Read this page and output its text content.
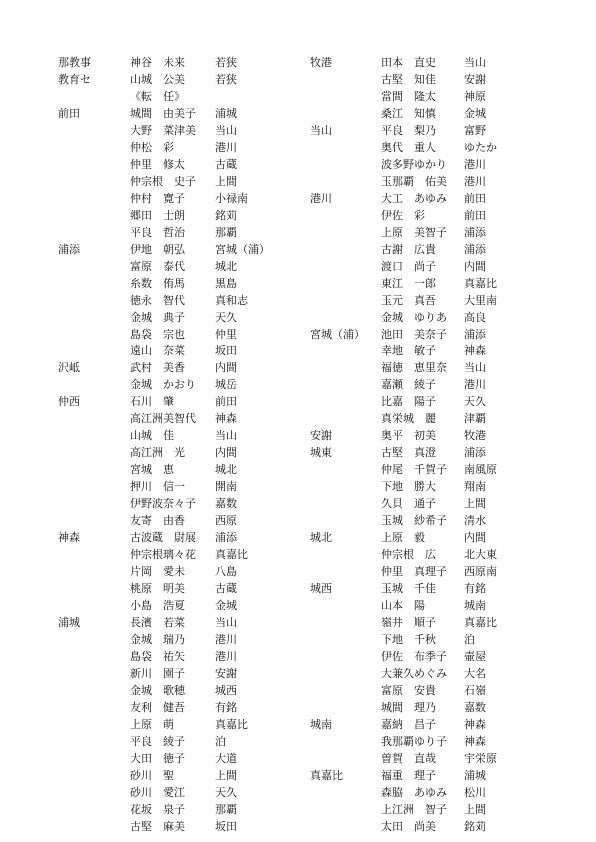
那教事	神谷　未来	若狭
教育セ	山城　公美	若狭
《転　任》
前田	城間　由美子 浦城
大野　菜津美 当山
仲松　彩	港川
仲里　修太	古蔵
仲宗根　史子 上間
仲村　寛子	小禄南
郷田　士朗	銘苅
平良　哲治	那覇
浦添	伊地　朝弘	宮城（浦）
富原　泰代	城北
糸数　侑馬	黒島
徳永　智代	真和志
金城　典子	天久
島袋　宗也	仲里
遠山　奈菜	坂田
沢岻	武村　美香	内間
金城　かおり 城岳
仲西	石川　肇	前田
高江洲美智代 神森
山城　佳	当山
高江洲　光	内間
宮城　恵	城北
押川　信一	開南
伊野波奈々子 嘉数
友寄　由香	西原
神森	古波蔵　尉展 浦添
仲宗根璃々花 真嘉比
片岡　愛未	八島
桃原　明美	古蔵
小島　浩夏	金城
浦城	長濱　若菜	当山
金城　瑞乃	港川
島袋　祐矢	港川
新川　園子	安謝
金城　歌穂	城西
友利　健吾	有銘
上原　萌	真嘉比
平良　綾子	泊
大田　徳子	大道
砂川　聖	上間
砂川　愛江	天久
花坂　泉子	那覇
古堅　麻美	坂田
牧港	田本　直史	当山
古堅　知佳	安謝
當間　隆太	神原
桑江　知慎	金城
当山	平良　梨乃	富野
奥代　重人	ゆたか
波多野ゆかり 港川
玉那覇　佑美 港川
港川	大工　あゆみ 前田
伊佐　彩	前田
上原　美智子 浦添
古謝　広貴	浦添
渡口　尚子	内間
東江　一郎	真嘉比
玉元　真吾	大里南
金城　ゆりあ 高良
宮城（浦） 池田　美奈子 浦添
幸地　敏子	神森
福徳　恵里奈 当山
嘉瀬　綾子	港川
比嘉　陽子	天久
真栄城　麗	津覇
安謝	奥平　初美	牧港
城東	古堅　真澄	浦添
仲尾　千賀子 南風原
下地　勝大	翔南
久貝　通子	上間
玉城　紗希子 清水
城北	上原　毅	内間
仲宗根　広	北大東
仲里　真理子 西原南
城西	玉城　千佳	有銘
山本　陽	城南
嶺井　順子	真嘉比
下地　千秋	泊
伊佐　布季子 壷屋
大兼久めぐみ 大名
富原　安貴	石嶺
城間　理乃	嘉数
城南	嘉納　昌子	神森
我那覇ゆり子 神森
曽賀　直哉	宇栄原
真嘉比	福重　理子	浦城
森脇　あゆみ 松川
上江洲　智子 上間
太田　尚美	銘苅
